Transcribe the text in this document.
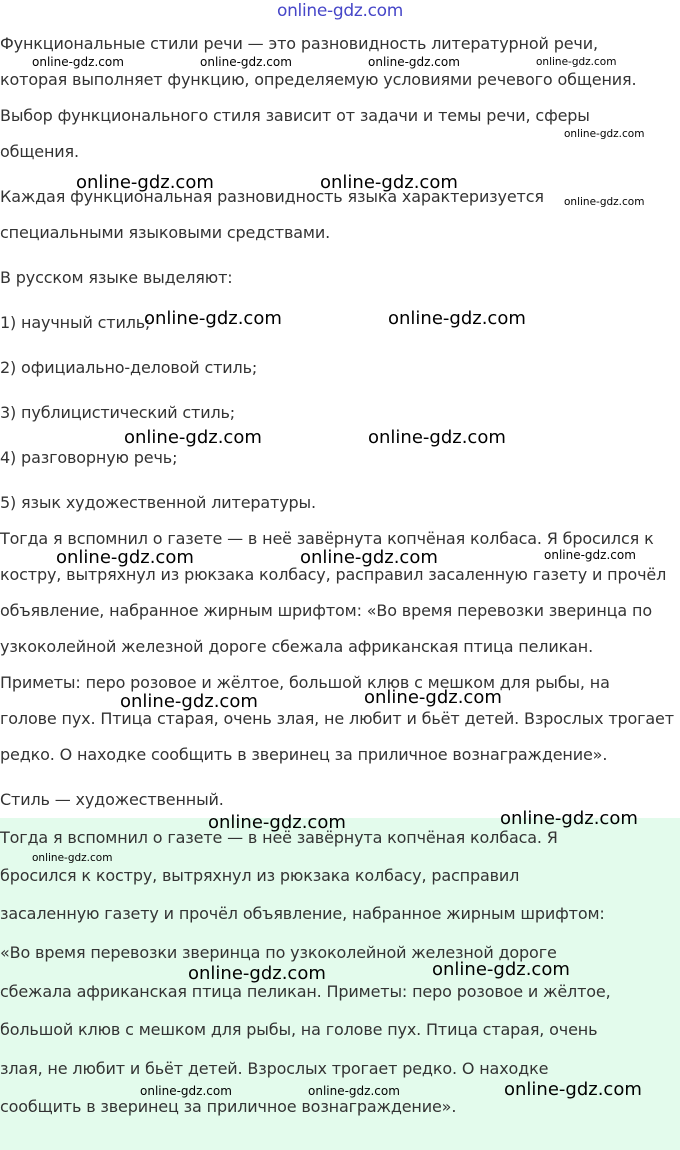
online-gdz.com
Функциональные стили речи — это разновидность литературной речи,
которая выполняет функцию, определяемую условиями речевого общения.
Выбор функционального стиля зависит от задачи и темы речи, сферы
общения.
Каждая функциональная разновидность языка характеризуется
специальными языковыми средствами.
В русском языке выделяют:
1) научный стиль;
2) официально-деловой стиль;
3) публицистический стиль;
4) разговорную речь;
5) язык художественной литературы.
Тогда я вспомнил о газете — в неё завёрнута копчёная колбаса. Я бросился к
костру, вытряхнул из рюкзака колбасу, расправил засаленную газету и прочёл
объявление, набранное жирным шрифтом: «Во время перевозки зверинца по
узкоколейной железной дороге сбежала африканская птица пеликан.
Приметы: перо розовое и жёлтое, большой клюв с мешком для рыбы, на
голове пух. Птица старая, очень злая, не любит и бьёт детей. Взрослых трогает
редко. О находке сообщить в зверинец за приличное вознаграждение».
Стиль — художественный.
Тогда я вспомнил о газете — в неё завёрнута копчёная колбаса. Я
бросился к костру, вытряхнул из рюкзака колбасу, расправил
засаленную газету и прочёл объявление, набранное жирным шрифтом:
«Во время перевозки зверинца по узкоколейной железной дороге
сбежала африканская птица пеликан. Приметы: перо розовое и жёлтое,
большой клюв с мешком для рыбы, на голове пух. Птица старая, очень
злая, не любит и бьёт детей. Взрослых трогает редко. О находке
сообщить в зверинец за приличное вознаграждение».
online-gdz.com	online-gdz.com	online-gdz.com	online-gdz.com
online-gdz.com
online-gdz.com	online-gdz.com
online-gdz.com
online-gdz.com	online-gdz.com
online-gdz.com	online-gdz.com
online-gdz.com	online-gdz.com	online-gdz.com
online-gdz.com	online-gdz.com
online-gdz.com	online-gdz.com
online-gdz.com
online-gdz.com	online-gdz.com
online-gdz.com	online-gdz.com	online-gdz.com
